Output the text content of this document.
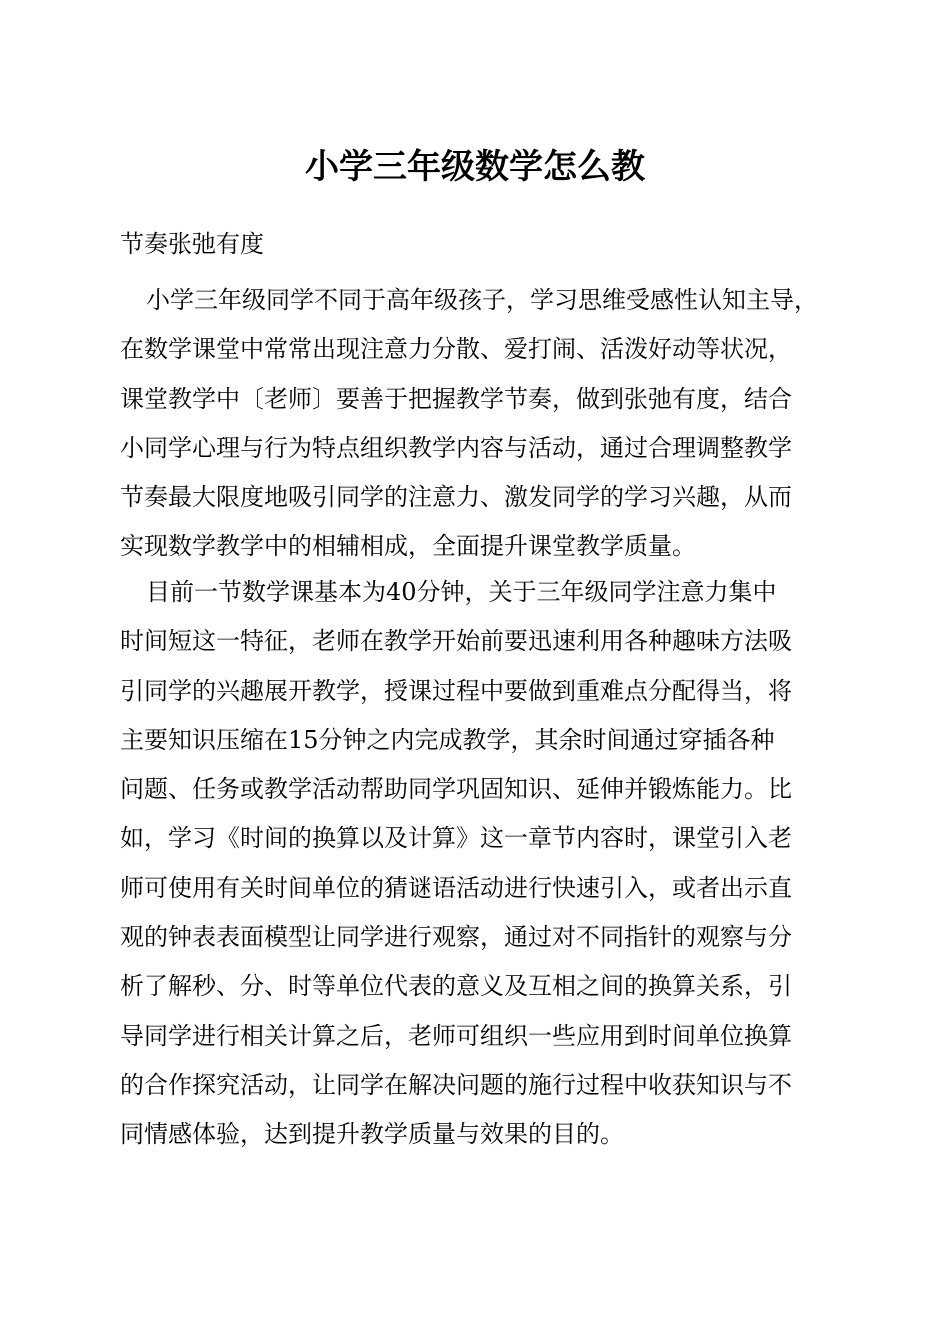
小学三年级数学怎么教

节奏张弛有度

小学三年级同学不同于高年级孩子，学习思维受感性认知主导，
在数学课堂中常常出现注意力分散、爱打闹、活泼好动等状况，
课堂教学中〔老师〕要善于把握教学节奏，做到张弛有度，结合
小同学心理与行为特点组织教学内容与活动，通过合理调整教学
节奏最大限度地吸引同学的注意力、激发同学的学习兴趣，从而
实现数学教学中的相辅相成，全面提升课堂教学质量。
目前一节数学课基本为40分钟，关于三年级同学注意力集中
时间短这一特征，老师在教学开始前要迅速利用各种趣味方法吸
引同学的兴趣展开教学，授课过程中要做到重难点分配得当，将
主要知识压缩在15分钟之内完成教学，其余时间通过穿插各种
问题、任务或教学活动帮助同学巩固知识、延伸并锻炼能力。比
如，学习《时间的换算以及计算》这一章节内容时，课堂引入老
师可使用有关时间单位的猜谜语活动进行快速引入，或者出示直
观的钟表表面模型让同学进行观察，通过对不同指针的观察与分
析了解秒、分、时等单位代表的意义及互相之间的换算关系，引
导同学进行相关计算之后，老师可组织一些应用到时间单位换算
的合作探究活动，让同学在解决问题的施行过程中收获知识与不
同情感体验，达到提升教学质量与效果的目的。
